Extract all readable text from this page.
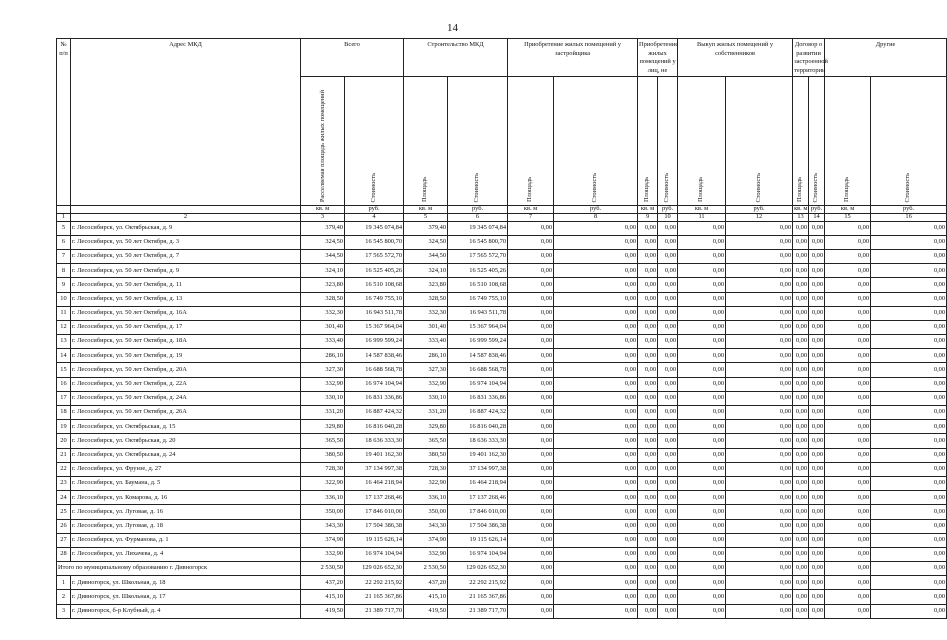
14
№ п/п	Адрес МКД	Всего		Строительство МКД		Приобретение жилых помещений у застройщика		Приобретение жилых помещений у лиц, не		Выкуп жилых помещений у собственников		Договор о развитии застроенной территории		Другие	
		Расселяемая площадь жилых помещений	Стоимость	Площадь	Стоимость	Площадь	Стоимость	Площадь	Стоимость	Площадь	Стоимость	Площадь	Стоимость	Площадь	Стоимость
		кв. м	руб.	кв. м	руб.	кв. м	руб.	кв. м	руб.	кв. м	руб.	кв. м	руб.	кв. м	руб.
1	2	3	4	5	6	7	8	9	10	11	12	13	14	15	16
5	г. Лесосибирск, ул. Октябрьская, д. 9	379,40	19 345 074,84	379,40	19 345 074,84	0,00	0,00	0,00	0,00	0,00	0,00	0,00	0,00	0,00	0,00
6	г. Лесосибирск, ул. 50 лет Октября, д. 3	324,50	16 545 800,70	324,50	16 545 800,70	0,00	0,00	0,00	0,00	0,00	0,00	0,00	0,00	0,00	0,00
7	г. Лесосибирск, ул. 50 лет Октября, д. 7	344,50	17 565 572,70	344,50	17 565 572,70	0,00	0,00	0,00	0,00	0,00	0,00	0,00	0,00	0,00	0,00
8	г. Лесосибирск, ул. 50 лет Октября, д. 9	324,10	16 525 405,26	324,10	16 525 405,26	0,00	0,00	0,00	0,00	0,00	0,00	0,00	0,00	0,00	0,00
9	г. Лесосибирск, ул. 50 лет Октября, д. 11	323,80	16 510 108,68	323,80	16 510 108,68	0,00	0,00	0,00	0,00	0,00	0,00	0,00	0,00	0,00	0,00
10	г. Лесосибирск, ул. 50 лет Октября, д. 13	328,50	16 749 755,10	328,50	16 749 755,10	0,00	0,00	0,00	0,00	0,00	0,00	0,00	0,00	0,00	0,00
11	г. Лесосибирск, ул. 50 лет Октября, д. 16А	332,30	16 943 511,78	332,30	16 943 511,78	0,00	0,00	0,00	0,00	0,00	0,00	0,00	0,00	0,00	0,00
12	г. Лесосибирск, ул. 50 лет Октября, д. 17	301,40	15 367 964,04	301,40	15 367 964,04	0,00	0,00	0,00	0,00	0,00	0,00	0,00	0,00	0,00	0,00
13	г. Лесосибирск, ул. 50 лет Октября, д. 18А	333,40	16 999 599,24	333,40	16 999 599,24	0,00	0,00	0,00	0,00	0,00	0,00	0,00	0,00	0,00	0,00
14	г. Лесосибирск, ул. 50 лет Октября, д. 19	286,10	14 587 838,46	286,10	14 587 838,46	0,00	0,00	0,00	0,00	0,00	0,00	0,00	0,00	0,00	0,00
15	г. Лесосибирск, ул. 50 лет Октября, д. 20А	327,30	16 688 568,78	327,30	16 688 568,78	0,00	0,00	0,00	0,00	0,00	0,00	0,00	0,00	0,00	0,00
16	г. Лесосибирск, ул. 50 лет Октября, д. 22А	332,90	16 974 104,94	332,90	16 974 104,94	0,00	0,00	0,00	0,00	0,00	0,00	0,00	0,00	0,00	0,00
17	г. Лесосибирск, ул. 50 лет Октября, д. 24А	330,10	16 831 336,86	330,10	16 831 336,86	0,00	0,00	0,00	0,00	0,00	0,00	0,00	0,00	0,00	0,00
18	г. Лесосибирск, ул. 50 лет Октября, д. 26А	331,20	16 887 424,32	331,20	16 887 424,32	0,00	0,00	0,00	0,00	0,00	0,00	0,00	0,00	0,00	0,00
19	г. Лесосибирск, ул. Октябрьская, д. 15	329,80	16 816 040,28	329,80	16 816 040,28	0,00	0,00	0,00	0,00	0,00	0,00	0,00	0,00	0,00	0,00
20	г. Лесосибирск, ул. Октябрьская, д. 20	365,50	18 636 333,30	365,50	18 636 333,30	0,00	0,00	0,00	0,00	0,00	0,00	0,00	0,00	0,00	0,00
21	г. Лесосибирск, ул. Октябрьская, д. 24	380,50	19 401 162,30	380,50	19 401 162,30	0,00	0,00	0,00	0,00	0,00	0,00	0,00	0,00	0,00	0,00
22	г. Лесосибирск, ул. Фрунзе, д. 27	728,30	37 134 997,38	728,30	37 134 997,38	0,00	0,00	0,00	0,00	0,00	0,00	0,00	0,00	0,00	0,00
23	г. Лесосибирск, ул. Баумана, д. 5	322,90	16 464 218,94	322,90	16 464 218,94	0,00	0,00	0,00	0,00	0,00	0,00	0,00	0,00	0,00	0,00
24	г. Лесосибирск, ул. Комарова, д. 16	336,10	17 137 268,46	336,10	17 137 268,46	0,00	0,00	0,00	0,00	0,00	0,00	0,00	0,00	0,00	0,00
25	г. Лесосибирск, ул. Луговая, д. 16	350,00	17 846 010,00	350,00	17 846 010,00	0,00	0,00	0,00	0,00	0,00	0,00	0,00	0,00	0,00	0,00
26	г. Лесосибирск, ул. Луговая, д. 18	343,30	17 504 386,38	343,30	17 504 386,38	0,00	0,00	0,00	0,00	0,00	0,00	0,00	0,00	0,00	0,00
27	г. Лесосибирск, ул. Фурманова, д. 1	374,90	19 115 626,14	374,90	19 115 626,14	0,00	0,00	0,00	0,00	0,00	0,00	0,00	0,00	0,00	0,00
28	г. Лесосибирск, ул. Лихачева, д. 4	332,90	16 974 104,94	332,90	16 974 104,94	0,00	0,00	0,00	0,00	0,00	0,00	0,00	0,00	0,00	0,00
Итого по муниципальному образованию г. Дивногорск		2 530,50	129 026 652,30	2 530,50	129 026 652,30	0,00	0,00	0,00	0,00	0,00	0,00	0,00	0,00	0,00	0,00
1	г. Дивногорск, ул. Школьная, д. 18	437,20	22 292 215,92	437,20	22 292 215,92	0,00	0,00	0,00	0,00	0,00	0,00	0,00	0,00	0,00	0,00
2	г. Дивногорск, ул. Школьная, д. 17	415,10	21 165 367,86	415,10	21 165 367,86	0,00	0,00	0,00	0,00	0,00	0,00	0,00	0,00	0,00	0,00
3	г. Дивногорск, б-р Клубный, д. 4	419,50	21 389 717,70	419,50	21 389 717,70	0,00	0,00	0,00	0,00	0,00	0,00	0,00	0,00	0,00	0,00
